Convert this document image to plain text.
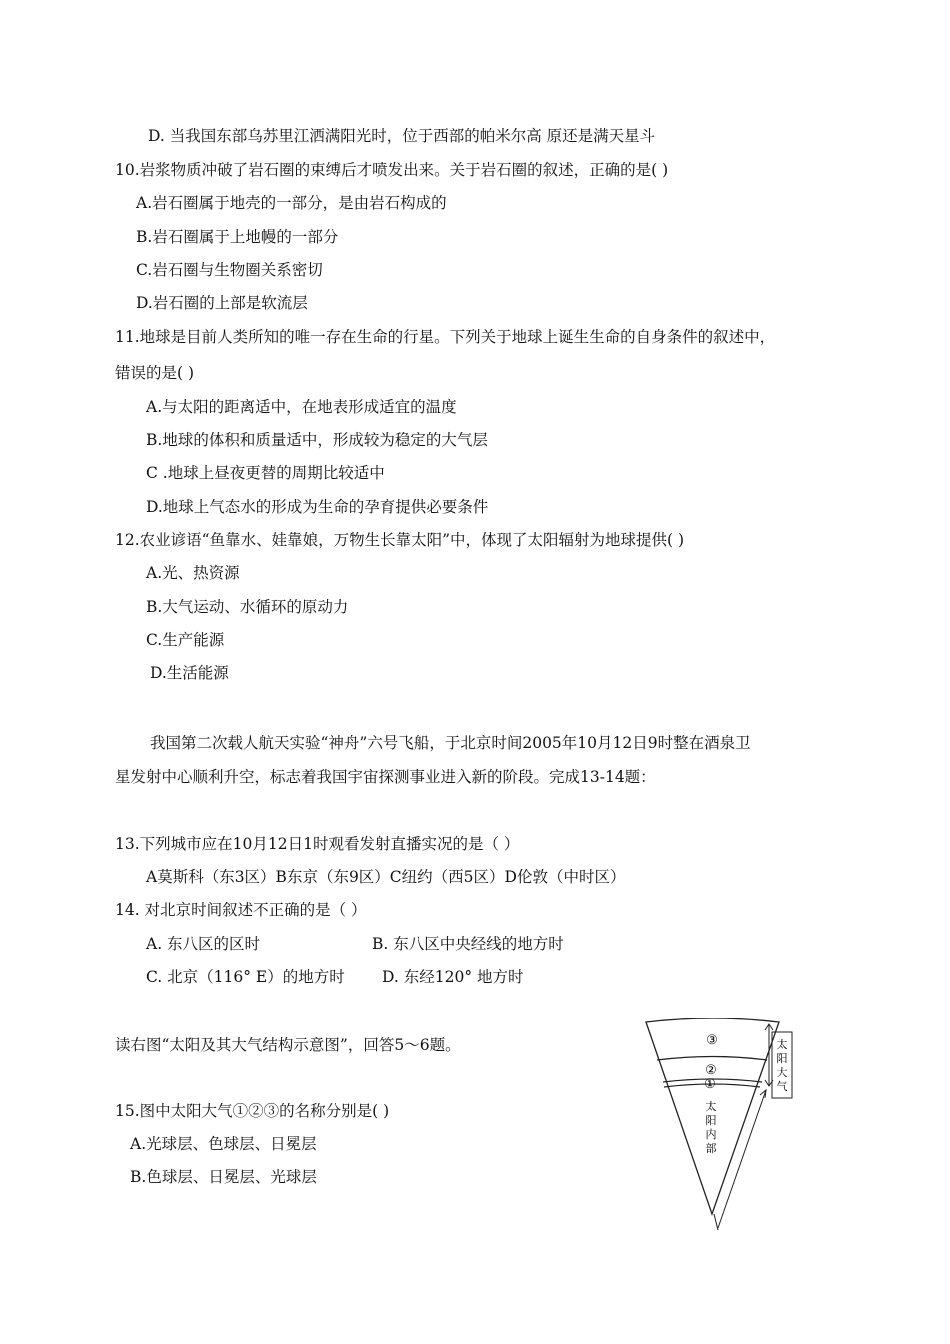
D. 当我国东部乌苏里江洒满阳光时，位于西部的帕米尔高 原还是满天星斗
10.岩浆物质冲破了岩石圈的束缚后才喷发出来。关于岩石圈的叙述，正确的是( )
A.岩石圈属于地壳的一部分，是由岩石构成的
B.岩石圈属于上地幔的一部分
C.岩石圈与生物圈关系密切
D.岩石圈的上部是软流层
11.地球是目前人类所知的唯一存在生命的行星。下列关于地球上诞生生命的自身条件的叙述中，
错误的是( )
A.与太阳的距离适中，在地表形成适宜的温度
B.地球的体积和质量适中，形成较为稳定的大气层
C .地球上昼夜更替的周期比较适中
D.地球上气态水的形成为生命的孕育提供必要条件
12.农业谚语“鱼靠水、娃靠娘，万物生长靠太阳”中，体现了太阳辐射为地球提供( )
A.光、热资源
B.大气运动、水循环的原动力
C.生产能源
D.生活能源
我国第二次载人航天实验“神舟”六号飞船，于北京时间2005年10月12日9时整在酒泉卫
星发射中心顺利升空，标志着我国宇宙探测事业进入新的阶段。完成13-14题：
13.下列城市应在10月12日1时观看发射直播实况的是（ ）
A莫斯科（东3区）B东京（东9区）C纽约（西5区）D伦敦（中时区）
14. 对北京时间叙述不正确的是（ ）
A. 东八区的区时	B. 东八区中央经线的地方时
C. 北京（116° E）的地方时 D. 东经120° 地方时
读右图“太阳及其大气结构示意图”，回答5～6题。
15.图中太阳大气①②③的名称分别是( )
A.光球层、色球层、日冕层
B.色球层、日冕层、光球层
③
②
①
太
阳
大
气
太
阳
内
部
